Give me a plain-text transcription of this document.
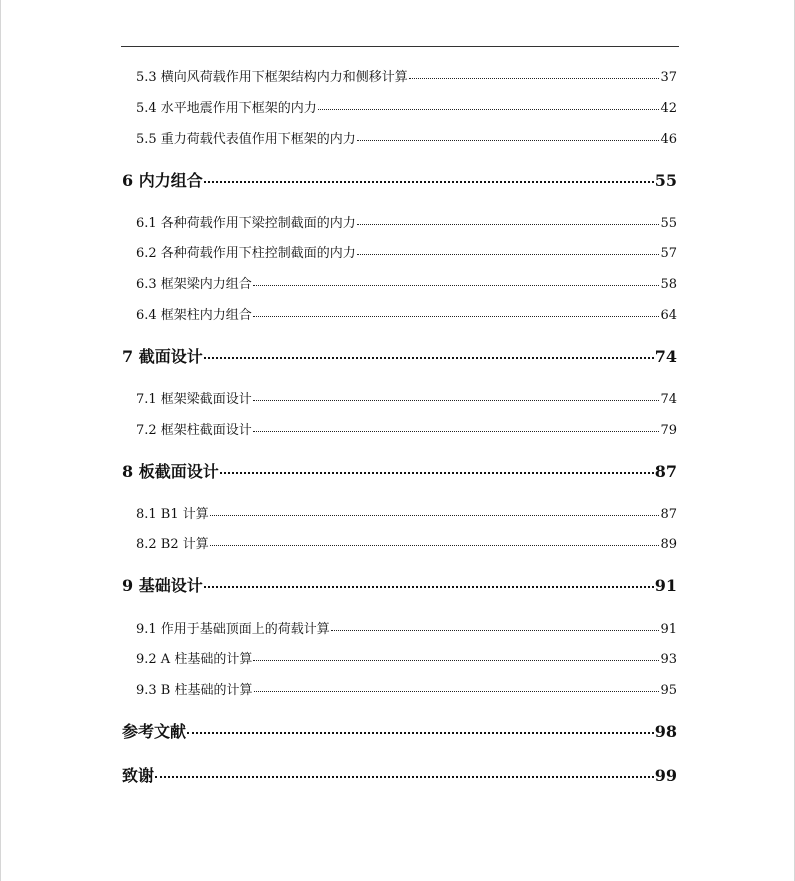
5.3 横向风荷载作用下框架结构内力和侧移计算	37
5.4 水平地震作用下框架的内力	42
5.5 重力荷载代表值作用下框架的内力	46
6 内力组合	55
6.1 各种荷载作用下梁控制截面的内力	55
6.2 各种荷载作用下柱控制截面的内力	57
6.3 框架梁内力组合	58
6.4 框架柱内力组合	64
7 截面设计	74
7.1 框架梁截面设计	74
7.2 框架柱截面设计	79
8 板截面设计	87
8.1 B1 计算	87
8.2 B2 计算	89
9 基础设计	91
9.1 作用于基础顶面上的荷载计算	91
9.2 A 柱基础的计算	93
9.3 B 柱基础的计算	95
参考文献	98
致谢	99
